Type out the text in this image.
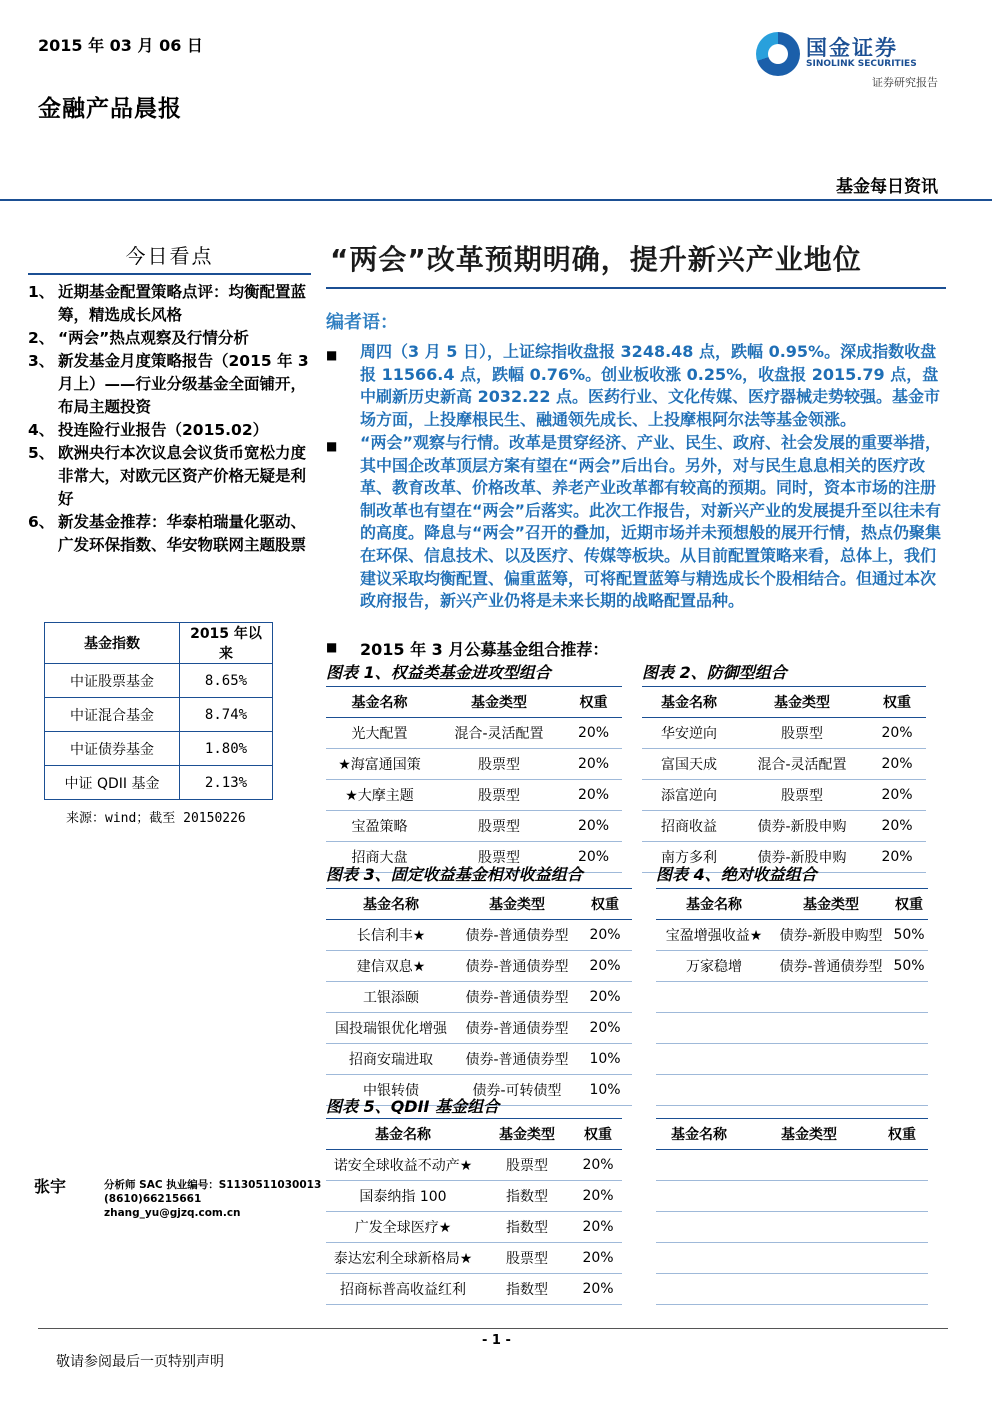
2015 年 03 月 06 日
金融产品晨报
国金证券
SINOLINK SECURITIES
证券研究报告
基金每日资讯
今日看点
1、 近期基金配置策略点评：均衡配置蓝筹，精选成长风格
2、 “两会”热点观察及行情分析
3、 新发基金月度策略报告（2015 年 3 月上）——行业分级基金全面铺开，布局主题投资
4、 投连险行业报告（2015.02）
5、 欧洲央行本次议息会议货币宽松力度非常大，对欧元区资产价格无疑是利好
6、 新发基金推荐：华泰柏瑞量化驱动、广发环保指数、华安物联网主题股票
基金指数	2015 年以来
中证股票基金	8.65%
中证混合基金	8.74%
中证债券基金	1.80%
中证 QDII 基金	2.13%
来源：wind；截至 20150226
“两会”改革预期明确，提升新兴产业地位
编者语：
■	周四（3 月 5 日），上证综指收盘报 3248.48 点，跌幅 0.95%。深成指数收盘报 11566.4 点，跌幅 0.76%。创业板收涨 0.25%，收盘报 2015.79 点，盘中刷新历史新高 2032.22 点。医药行业、文化传媒、医疗器械走势较强。基金市场方面，上投摩根民生、融通领先成长、上投摩根阿尔法等基金领涨。
■	“两会”观察与行情。改革是贯穿经济、产业、民生、政府、社会发展的重要举措，其中国企改革顶层方案有望在“两会”后出台。另外，对与民生息息相关的医疗改革、教育改革、价格改革、养老产业改革都有较高的预期。同时，资本市场的注册制改革也有望在“两会”后落实。此次工作报告，对新兴产业的发展提升至以往未有的高度。降息与“两会”召开的叠加，近期市场并未预想般的展开行情，热点仍聚集在环保、信息技术、以及医疗、传媒等板块。从目前配置策略来看，总体上，我们建议采取均衡配置、偏重蓝筹，可将配置蓝筹与精选成长个股相结合。但通过本次政府报告，新兴产业仍将是未来长期的战略配置品种。
■	2015 年 3 月公募基金组合推荐：
图表 1、权益类基金进攻型组合
基金名称	基金类型	权重
光大配置	混合-灵活配置	20%
★海富通国策	股票型	20%
★大摩主题	股票型	20%
宝盈策略	股票型	20%
招商大盘	股票型	20%
图表 2、防御型组合
基金名称	基金类型	权重
华安逆向	股票型	20%
富国天成	混合-灵活配置	20%
添富逆向	股票型	20%
招商收益	债券-新股申购	20%
南方多利	债券-新股申购	20%
图表 3、固定收益基金相对收益组合
基金名称	基金类型	权重
长信利丰★	债券-普通债券型	20%
建信双息★	债券-普通债券型	20%
工银添颐	债券-普通债券型	20%
国投瑞银优化增强	债券-普通债券型	20%
招商安瑞进取	债券-普通债券型	10%
中银转债	债券-可转债型	10%
图表 4、绝对收益组合
基金名称	基金类型	权重
宝盈增强收益★	债券-新股申购型	50%
万家稳增	债券-普通债券型	50%

图表 5、QDII 基金组合
基金名称	基金类型	权重
诺安全球收益不动产★	股票型	20%
国泰纳指 100	指数型	20%
广发全球医疗★	指数型	20%
泰达宏利全球新格局★	股票型	20%
招商标普高收益红利	指数型	20%
基金名称	基金类型	权重

张宇	分析师 SAC 执业编号：S1130511030013
(8610)66215661
zhang_yu@gjzq.com.cn
- 1 -
敬请参阅最后一页特别声明
